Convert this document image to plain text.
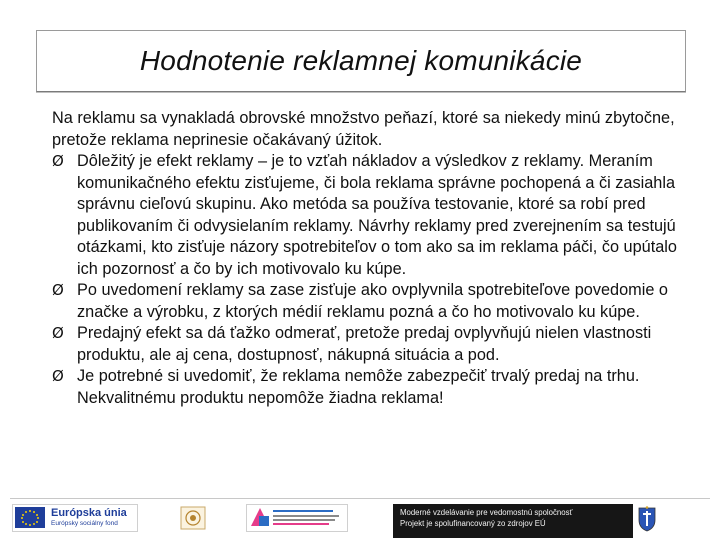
Hodnotenie reklamnej komunikácie

Na reklamu sa vynakladá obrovské množstvo peňazí, ktoré sa niekedy minú zbytočne, pretože reklama neprinesie očakávaný úžitok.

Ø Dôležitý je efekt reklamy – je to vzťah nákladov a výsledkov z reklamy. Meraním komunikačného efektu zisťujeme, či bola reklama správne pochopená a či zasiahla správnu cieľovú skupinu. Ako metóda sa používa testovanie, ktoré sa robí pred publikovaním či odvysielaním reklamy. Návrhy reklamy pred zverejnením sa testujú otázkami, kto zisťuje názory spotrebiteľov o tom ako sa im reklama páči, čo upútalo ich pozornosť a čo by ich motivovalo ku kúpe.
Ø Po uvedomení reklamy sa zase zisťuje ako ovplyvnila spotrebiteľove povedomie o značke a výrobku, z ktorých médií reklamu pozná a čo ho motivovalo ku kúpe.
Ø Predajný efekt sa dá ťažko odmerať, pretože predaj ovplyvňujú nielen vlastnosti produktu, ale aj cena, dostupnosť, nákupná situácia a pod.
Ø Je potrebné si uvedomiť, že reklama nemôže zabezpečiť trvalý predaj na trhu. Nekvalitnému produktu nepomôže žiadna reklama!
Európska únia
Európsky sociálny fond
Moderné vzdelávanie pre vedomostnú spoločnosť
Projekt je spolufinancovaný zo zdrojov EÚ
